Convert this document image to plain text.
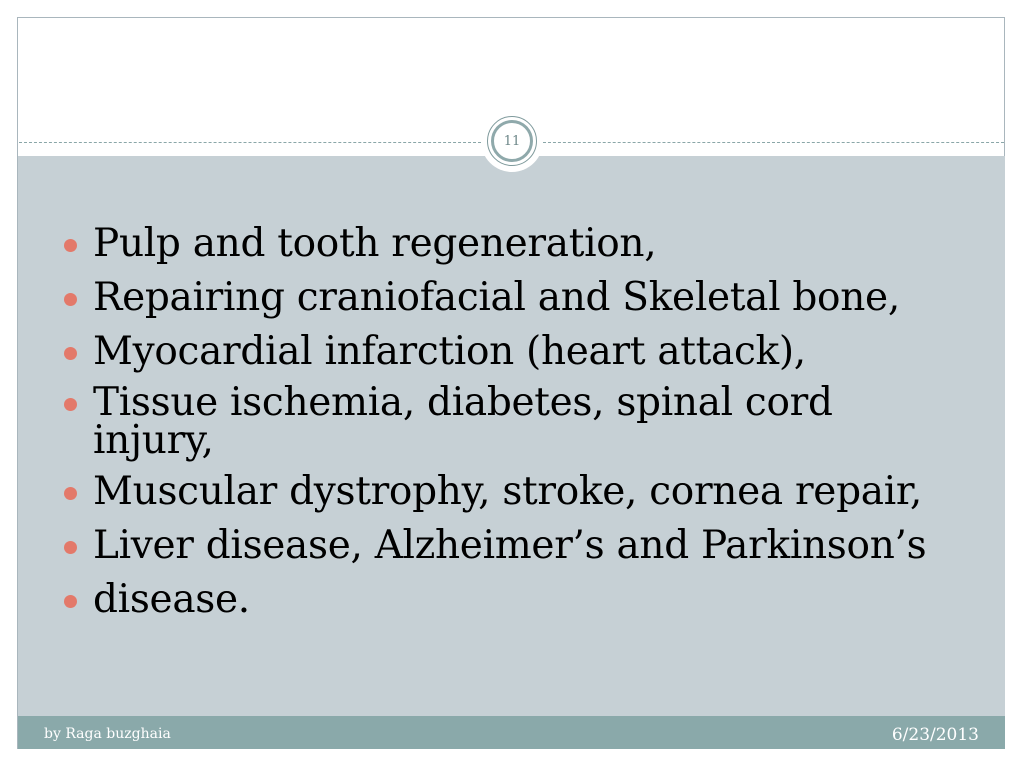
11
Pulp and tooth regeneration,
Repairing craniofacial and Skeletal bone,
Myocardial infarction (heart attack),
Tissue ischemia, diabetes, spinal cord
injury,
Muscular dystrophy, stroke, cornea repair,
Liver disease, Alzheimer’s and Parkinson’s
disease.
by Raga buzghaia	6/23/2013
